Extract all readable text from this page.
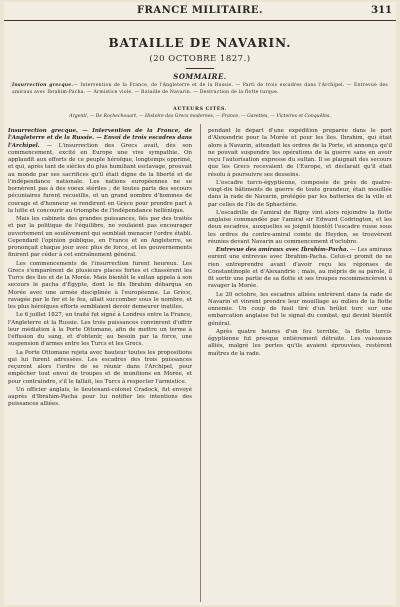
FRANCE MILITAIRE.	311
BATAILLE DE NAVARIN.
(20 OCTOBRE 1827.)
SOMMAIRE.
Insurrection grecque.— Intervention de la France, de l'Angleterre et de la Russie. — Parti de trois escadres dans l'Archipel. — Entrevue des amiraux avec Ibrahim-Pacha. — Armistice viole. — Bataille de Navarin. — Destruction de la flotte turque.
AUTEURS CITÉS.
Argenti, — De Rochechouart, — Histoire des Grecs modernes, — France, — Gazettes, — Victoires et Conquêtes.

Insurrection grecque. — Intervention de la France, de l'Angleterre et de la Russie. — Envoi de trois escadres dans l'Archipel. — L'insurrection des Grecs avait, dès son commencement, excité en Europe une vive sympathie. On applaudit aux efforts de ce peuple héroïque, longtemps opprimé, et qui, après tant de siècles du plus humiliant esclavage, prouvait au monde par ses sacrifices qu'il était digne de la liberté et de l'indépendance nationale. Les nations européennes ne se bornèrent pas à des voeux stériles ; de toutes parts des secours pécuniaires furent recueillis, et un grand nombre d'hommes de courage et d'honneur se rendirent en Grèce pour prendre part à la lutte et concourir au triomphe de l'indépendance hellénique.

Mais les cabinets des grandes puissances, liés par des traités et par la politique de l'équilibre, ne voulaient pas encourager ouvertement un soulèvement qui semblait menacer l'ordre établi. Cependant l'opinion publique, en France et en Angleterre, se prononçait chaque jour avec plus de force, et les gouvernements finirent par céder à cet entraînement général.

Les commencements de l'insurrection furent heureux. Les Grecs s'emparèrent de plusieurs places fortes et chassèrent les Turcs des îles et de la Morée. Mais bientôt le sultan appela à son secours le pacha d'Égypte, dont le fils Ibrahim débarqua en Morée avec une armée disciplinée à l'européenne. La Grèce, ravagée par le fer et le feu, allait succomber sous le nombre, et les plus héroïques efforts semblaient devoir demeurer inutiles.

Le 6 juillet 1827, un traité fut signé à Londres entre la France, l'Angleterre et la Russie. Les trois puissances convinrent d'offrir leur médiation à la Porte Ottomane, afin de mettre un terme à l'effusion du sang, et d'obtenir, au besoin par la force, une suspension d'armes entre les Turcs et les Grecs.

La Porte Ottomane rejeta avec hauteur toutes les propositions qui lui furent adressées. Les escadres des trois puissances reçurent alors l'ordre de se réunir dans l'Archipel, pour empêcher tout envoi de troupes et de munitions en Morée, et pour contraindre, s'il le fallait, les Turcs à respecter l'armistice.

Un officier anglais, le lieutenant-colonel Cradock, fut envoyé auprès d'Ibrahim-Pacha pour lui notifier les intentions des puissances alliées.

pendant le départ d'une expédition préparée dans le port d'Alexandrie pour la Morée et pour les îles. Ibrahim, qui était alors à Navarin, attendait les ordres de la Porte, et annonça qu'il ne pouvait suspendre les opérations de la guerre sans en avoir reçu l'autorisation expresse du sultan. Il se plaignait des secours que les Grecs recevaient de l'Europe, et déclarait qu'il était résolu à poursuivre ses desseins.

L'escadre turco-égyptienne, composée de près de quatre-vingt-dix bâtiments de guerre de toute grandeur, était mouillée dans la rade de Navarin, protégée par les batteries de la ville et par celles de l'île de Sphactérie.

L'escadrille de l'amiral de Rigny vint alors rejoindre la flotte anglaise commandée par l'amiral sir Edward Codrington, et les deux escadres, auxquelles se joignit bientôt l'escadre russe sous les ordres du contre-amiral comte de Heyden, se trouvèrent réunies devant Navarin au commencement d'octobre.

Entrevue des amiraux avec Ibrahim-Pacha. — Les amiraux eurent une entrevue avec Ibrahim-Pacha. Celui-ci promit de ne rien entreprendre avant d'avoir reçu les réponses de Constantinople et d'Alexandrie ; mais, au mépris de sa parole, il fit sortir une partie de sa flotte et ses troupes recommencèrent à ravager la Morée.

Le 20 octobre, les escadres alliées entrèrent dans la rade de Navarin et vinrent prendre leur mouillage au milieu de la flotte ennemie. Un coup de fusil tiré d'un brûlot turc sur une embarcation anglaise fut le signal du combat, qui devint bientôt général.

Après quatre heures d'un feu terrible, la flotte turco-égyptienne fut presque entièrement détruite. Les vaisseaux alliés, malgré les pertes qu'ils avaient éprouvées, restèrent maîtres de la rade.
